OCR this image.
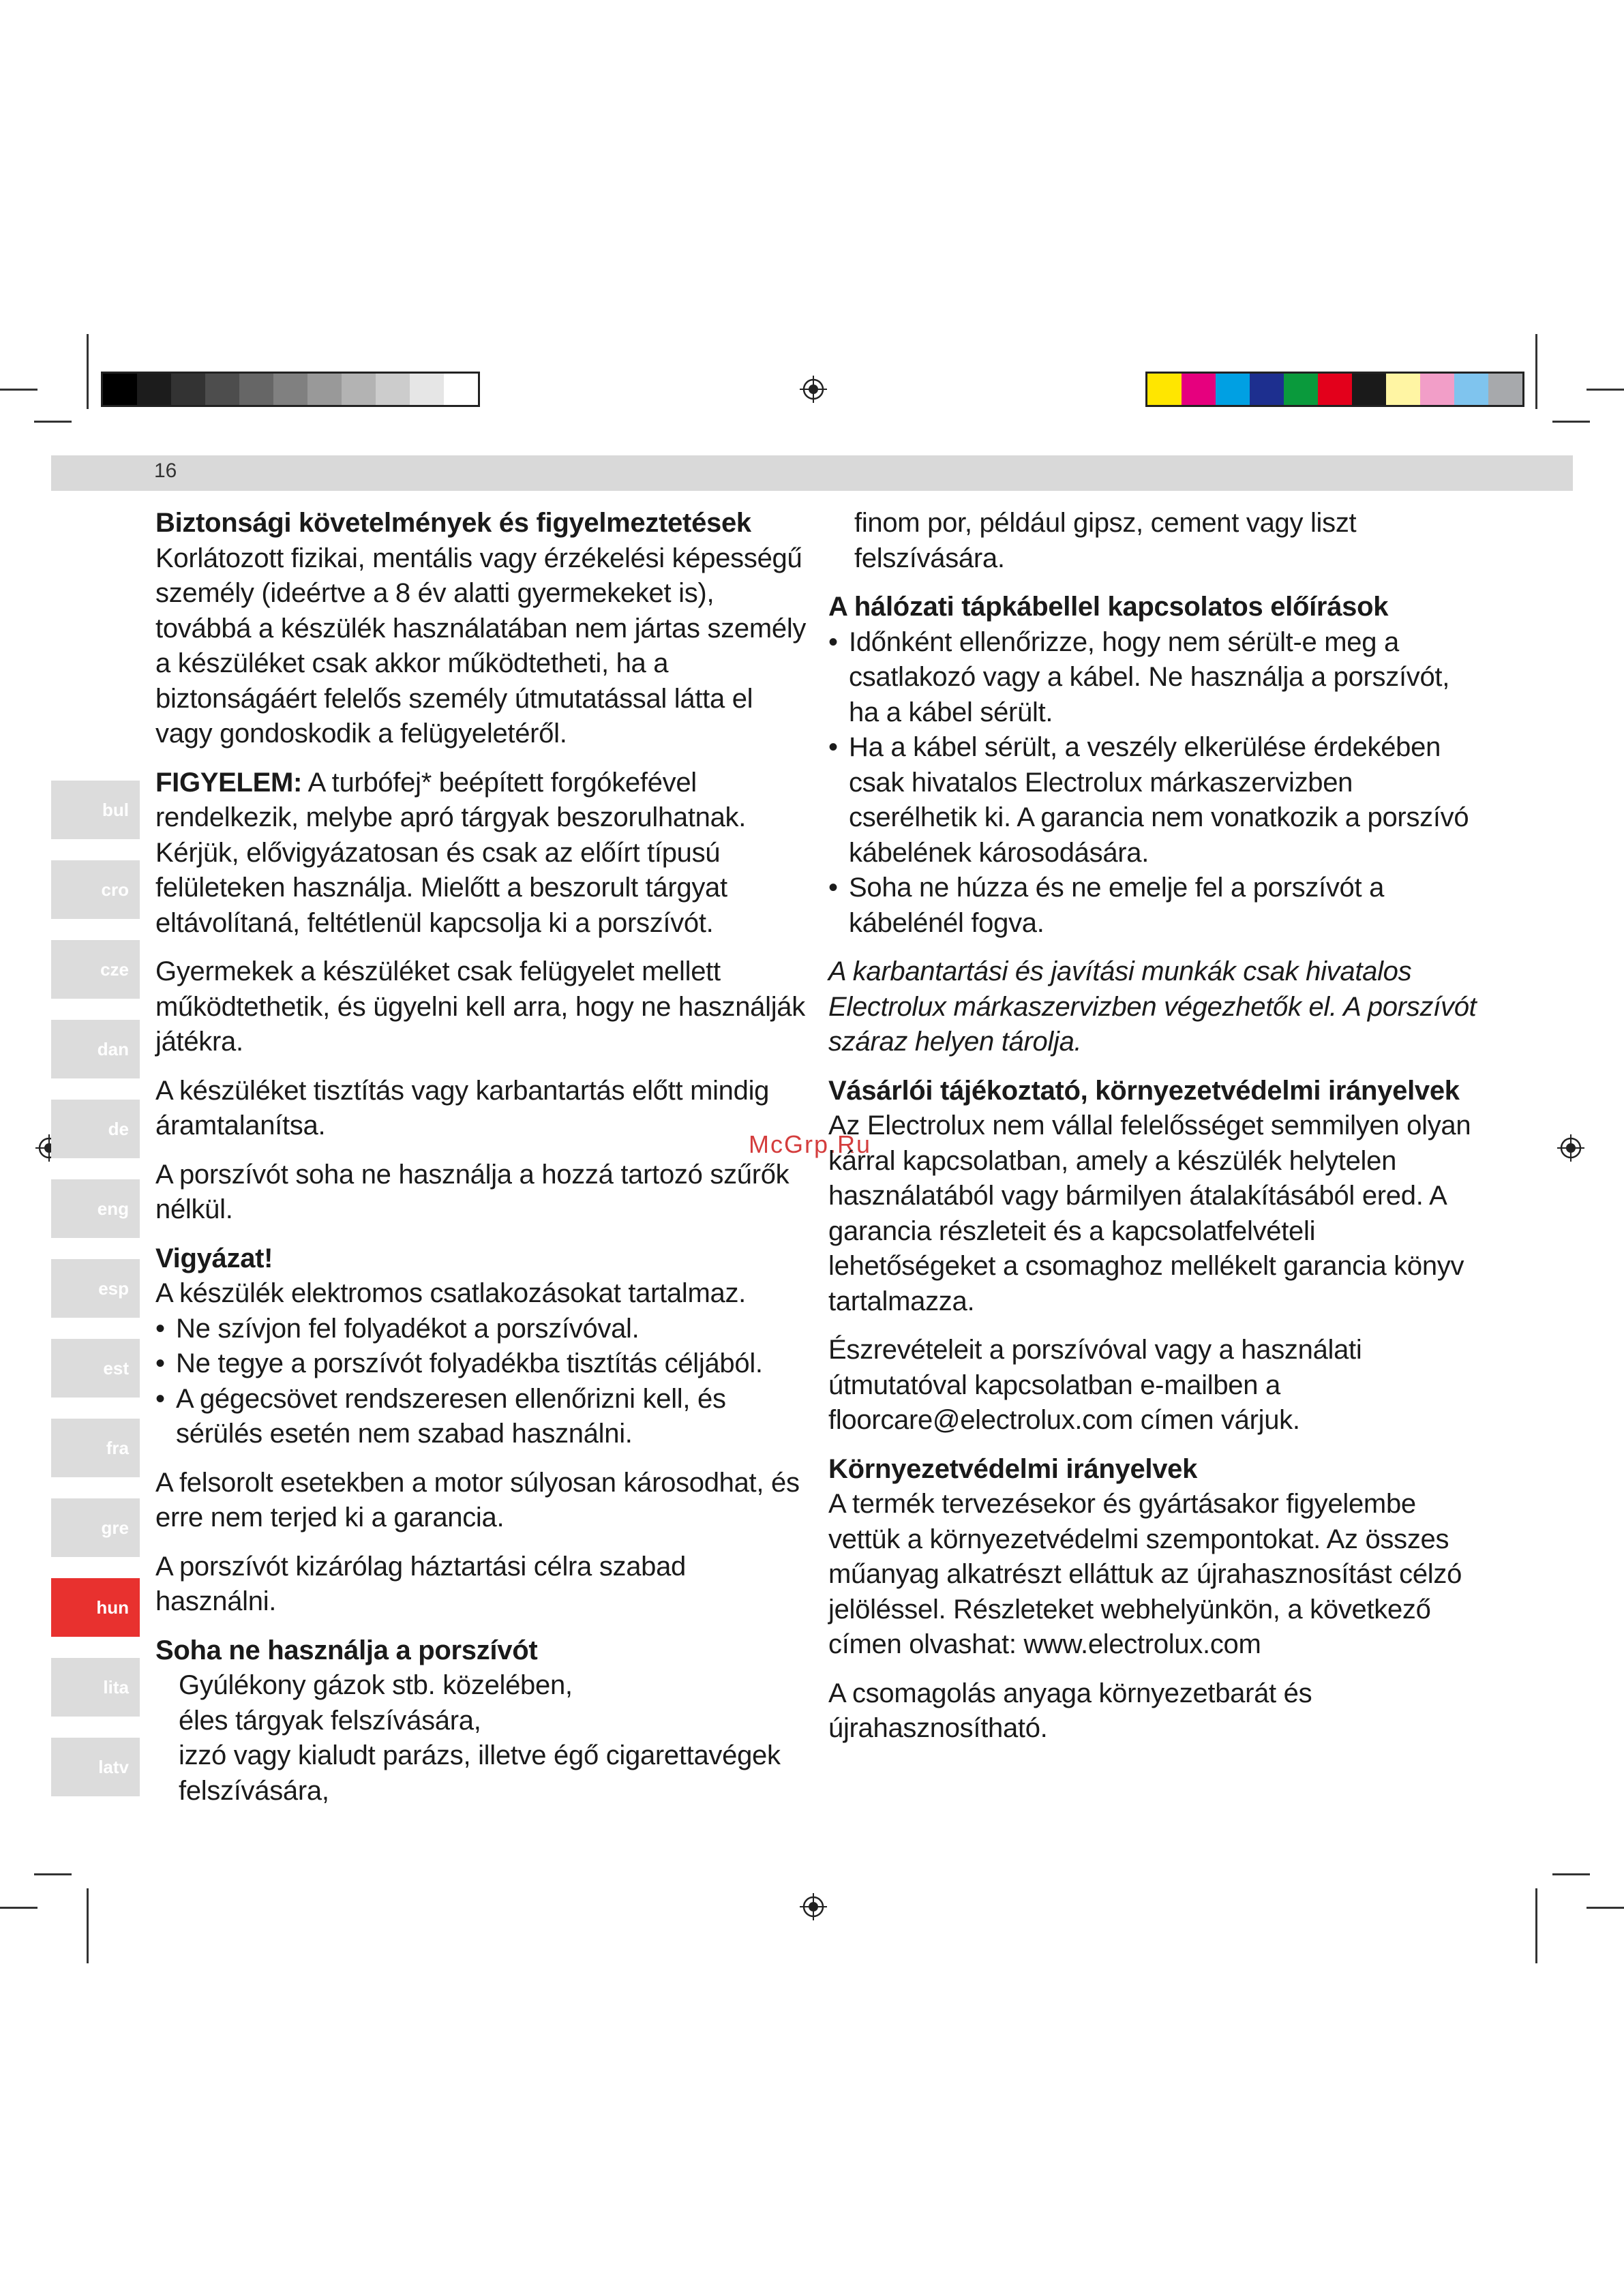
16
bul
cro
cze
dan
de
eng
esp
est
fra
gre
hun
lita
latv
McGrp.Ru
Biztonsági követelmények és figyelmeztetések

Korlátozott fizikai, mentális vagy érzékelési képességű személy (ideértve a 8 év alatti gyermekeket is), továbbá a készülék használatában nem jártas személy a készüléket csak akkor működtetheti, ha a biztonságáért felelős személy útmutatással látta el vagy gondoskodik a felügyeletéről.

FIGYELEM: A turbófej* beépített forgókefével rendelkezik, melybe apró tárgyak beszorulhatnak. Kérjük, elővigyázatosan és csak az előírt típusú felületeken használja. Mielőtt a beszorult tárgyat eltávolítaná, feltétlenül kapcsolja ki a porszívót.

Gyermekek a készüléket csak felügyelet mellett működtethetik, és ügyelni kell arra, hogy ne használják játékra.

A készüléket tisztítás vagy karbantartás előtt mindig áramtalanítsa.

A porszívót soha ne használja a hozzá tartozó szűrők nélkül.

Vigyázat!
A készülék elektromos csatlakozásokat tartalmaz.
• Ne szívjon fel folyadékot a porszívóval.
• Ne tegye a porszívót folyadékba tisztítás céljából.
• A gégecsövet rendszeresen ellenőrizni kell, és sérülés esetén nem szabad használni.

A felsorolt esetekben a motor súlyosan károsodhat, és erre nem terjed ki a garancia.

A porszívót kizárólag háztartási célra szabad használni.

Soha ne használja a porszívót
Gyúlékony gázok stb. közelében,
éles tárgyak felszívására,
izzó vagy kialudt parázs, illetve égő cigarettavégek felszívására,

finom por, például gipsz, cement vagy liszt felszívására.

A hálózati tápkábellel kapcsolatos előírások
• Időnként ellenőrizze, hogy nem sérült-e meg a csatlakozó vagy a kábel. Ne használja a porszívót, ha a kábel sérült.
• Ha a kábel sérült, a veszély elkerülése érdekében csak hivatalos Electrolux márkaszervizben cserélhetik ki. A garancia nem vonatkozik a porszívó kábelének károsodására.
• Soha ne húzza és ne emelje fel a porszívót a kábelénél fogva.

A karbantartási és javítási munkák csak hivatalos Electrolux márkaszervizben végezhetők el. A porszívót száraz helyen tárolja.

Vásárlói tájékoztató, környezetvédelmi irányelvek

Az Electrolux nem vállal felelősséget semmilyen olyan kárral kapcsolatban, amely a készülék helytelen használatából vagy bármilyen átalakításából ered. A garancia részleteit és a kapcsolatfelvételi lehetőségeket a csomaghoz mellékelt garancia könyv tartalmazza.

Észrevételeit a porszívóval vagy a használati útmutatóval kapcsolatban e-mailben a floorcare@electrolux.com címen várjuk.

Környezetvédelmi irányelvek

A termék tervezésekor és gyártásakor figyelembe vettük a környezetvédelmi szempontokat. Az összes műanyag alkatrészt elláttuk az újrahasznosítást célzó jelöléssel. Részleteket webhelyünkön, a következő címen olvashat: www.electrolux.com

A csomagolás anyaga környezetbarát és újrahasznosítható.
